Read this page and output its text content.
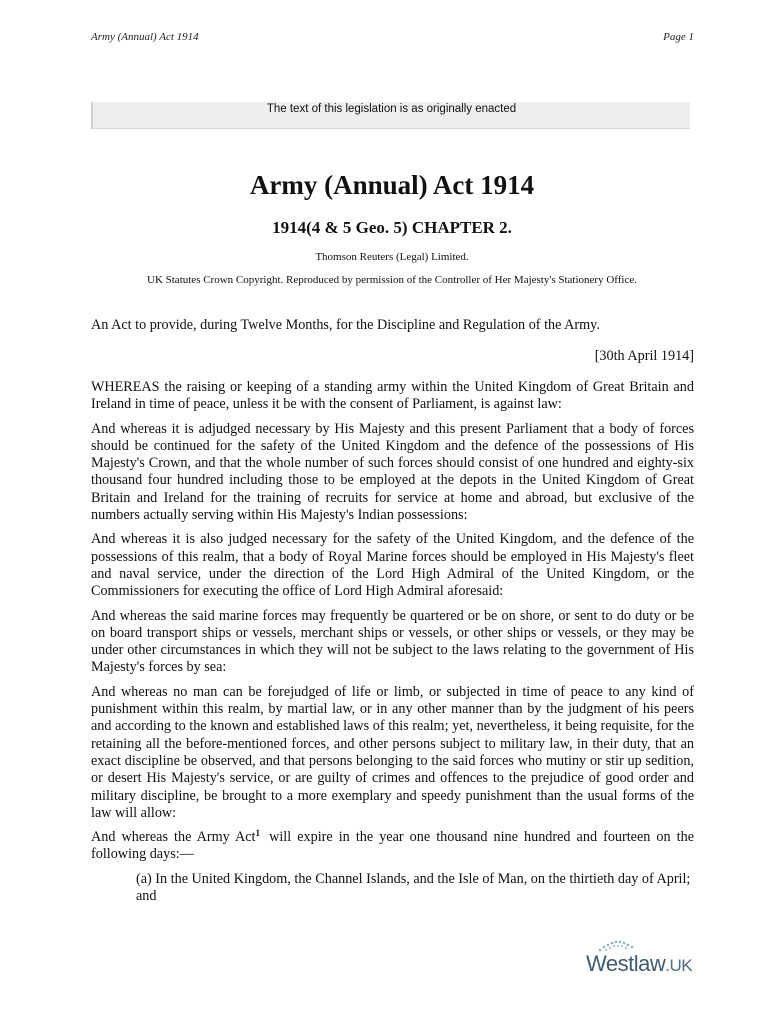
Army (Annual) Act 1914	Page 1
The text of this legislation is as originally enacted
Army (Annual) Act 1914
1914(4 & 5 Geo. 5) CHAPTER 2.
Thomson Reuters (Legal) Limited.
UK Statutes Crown Copyright. Reproduced by permission of the Controller of Her Majesty's Stationery Office.
An Act to provide, during Twelve Months, for the Discipline and Regulation of the Army.
[30th April 1914]

WHEREAS the raising or keeping of a standing army within the United Kingdom of Great Britain and Ireland in time of peace, unless it be with the consent of Parliament, is against law:

And whereas it is adjudged necessary by His Majesty and this present Parliament that a body of forces should be continued for the safety of the United Kingdom and the defence of the possessions of His Majesty's Crown, and that the whole number of such forces should consist of one hundred and eighty-six thousand four hundred including those to be employed at the depots in the United Kingdom of Great Britain and Ireland for the training of recruits for service at home and abroad, but exclusive of the numbers actually serving within His Majesty's Indian possessions:

And whereas it is also judged necessary for the safety of the United Kingdom, and the defence of the possessions of this realm, that a body of Royal Marine forces should be employed in His Majesty's fleet and naval service, under the direction of the Lord High Admiral of the United Kingdom, or the Commissioners for executing the office of Lord High Admiral aforesaid:

And whereas the said marine forces may frequently be quartered or be on shore, or sent to do duty or be on board transport ships or vessels, merchant ships or vessels, or other ships or vessels, or they may be under other circumstances in which they will not be subject to the laws relating to the government of His Majesty's forces by sea:

And whereas no man can be forejudged of life or limb, or subjected in time of peace to any kind of punishment within this realm, by martial law, or in any other manner than by the judgment of his peers and according to the known and established laws of this realm; yet, nevertheless, it being requisite, for the retaining all the before-mentioned forces, and other persons subject to military law, in their duty, that an exact discipline be observed, and that persons belonging to the said forces who mutiny or stir up sedition, or desert His Majesty's service, or are guilty of crimes and offences to the prejudice of good order and military discipline, be brought to a more exemplary and speedy punishment than the usual forms of the law will allow:

And whereas the Army Act$^1$ will expire in the year one thousand nine hundred and fourteen on the following days:—

(a) In the United Kingdom, the Channel Islands, and the Isle of Man, on the thirtieth day of April; and

Westlaw.UK
